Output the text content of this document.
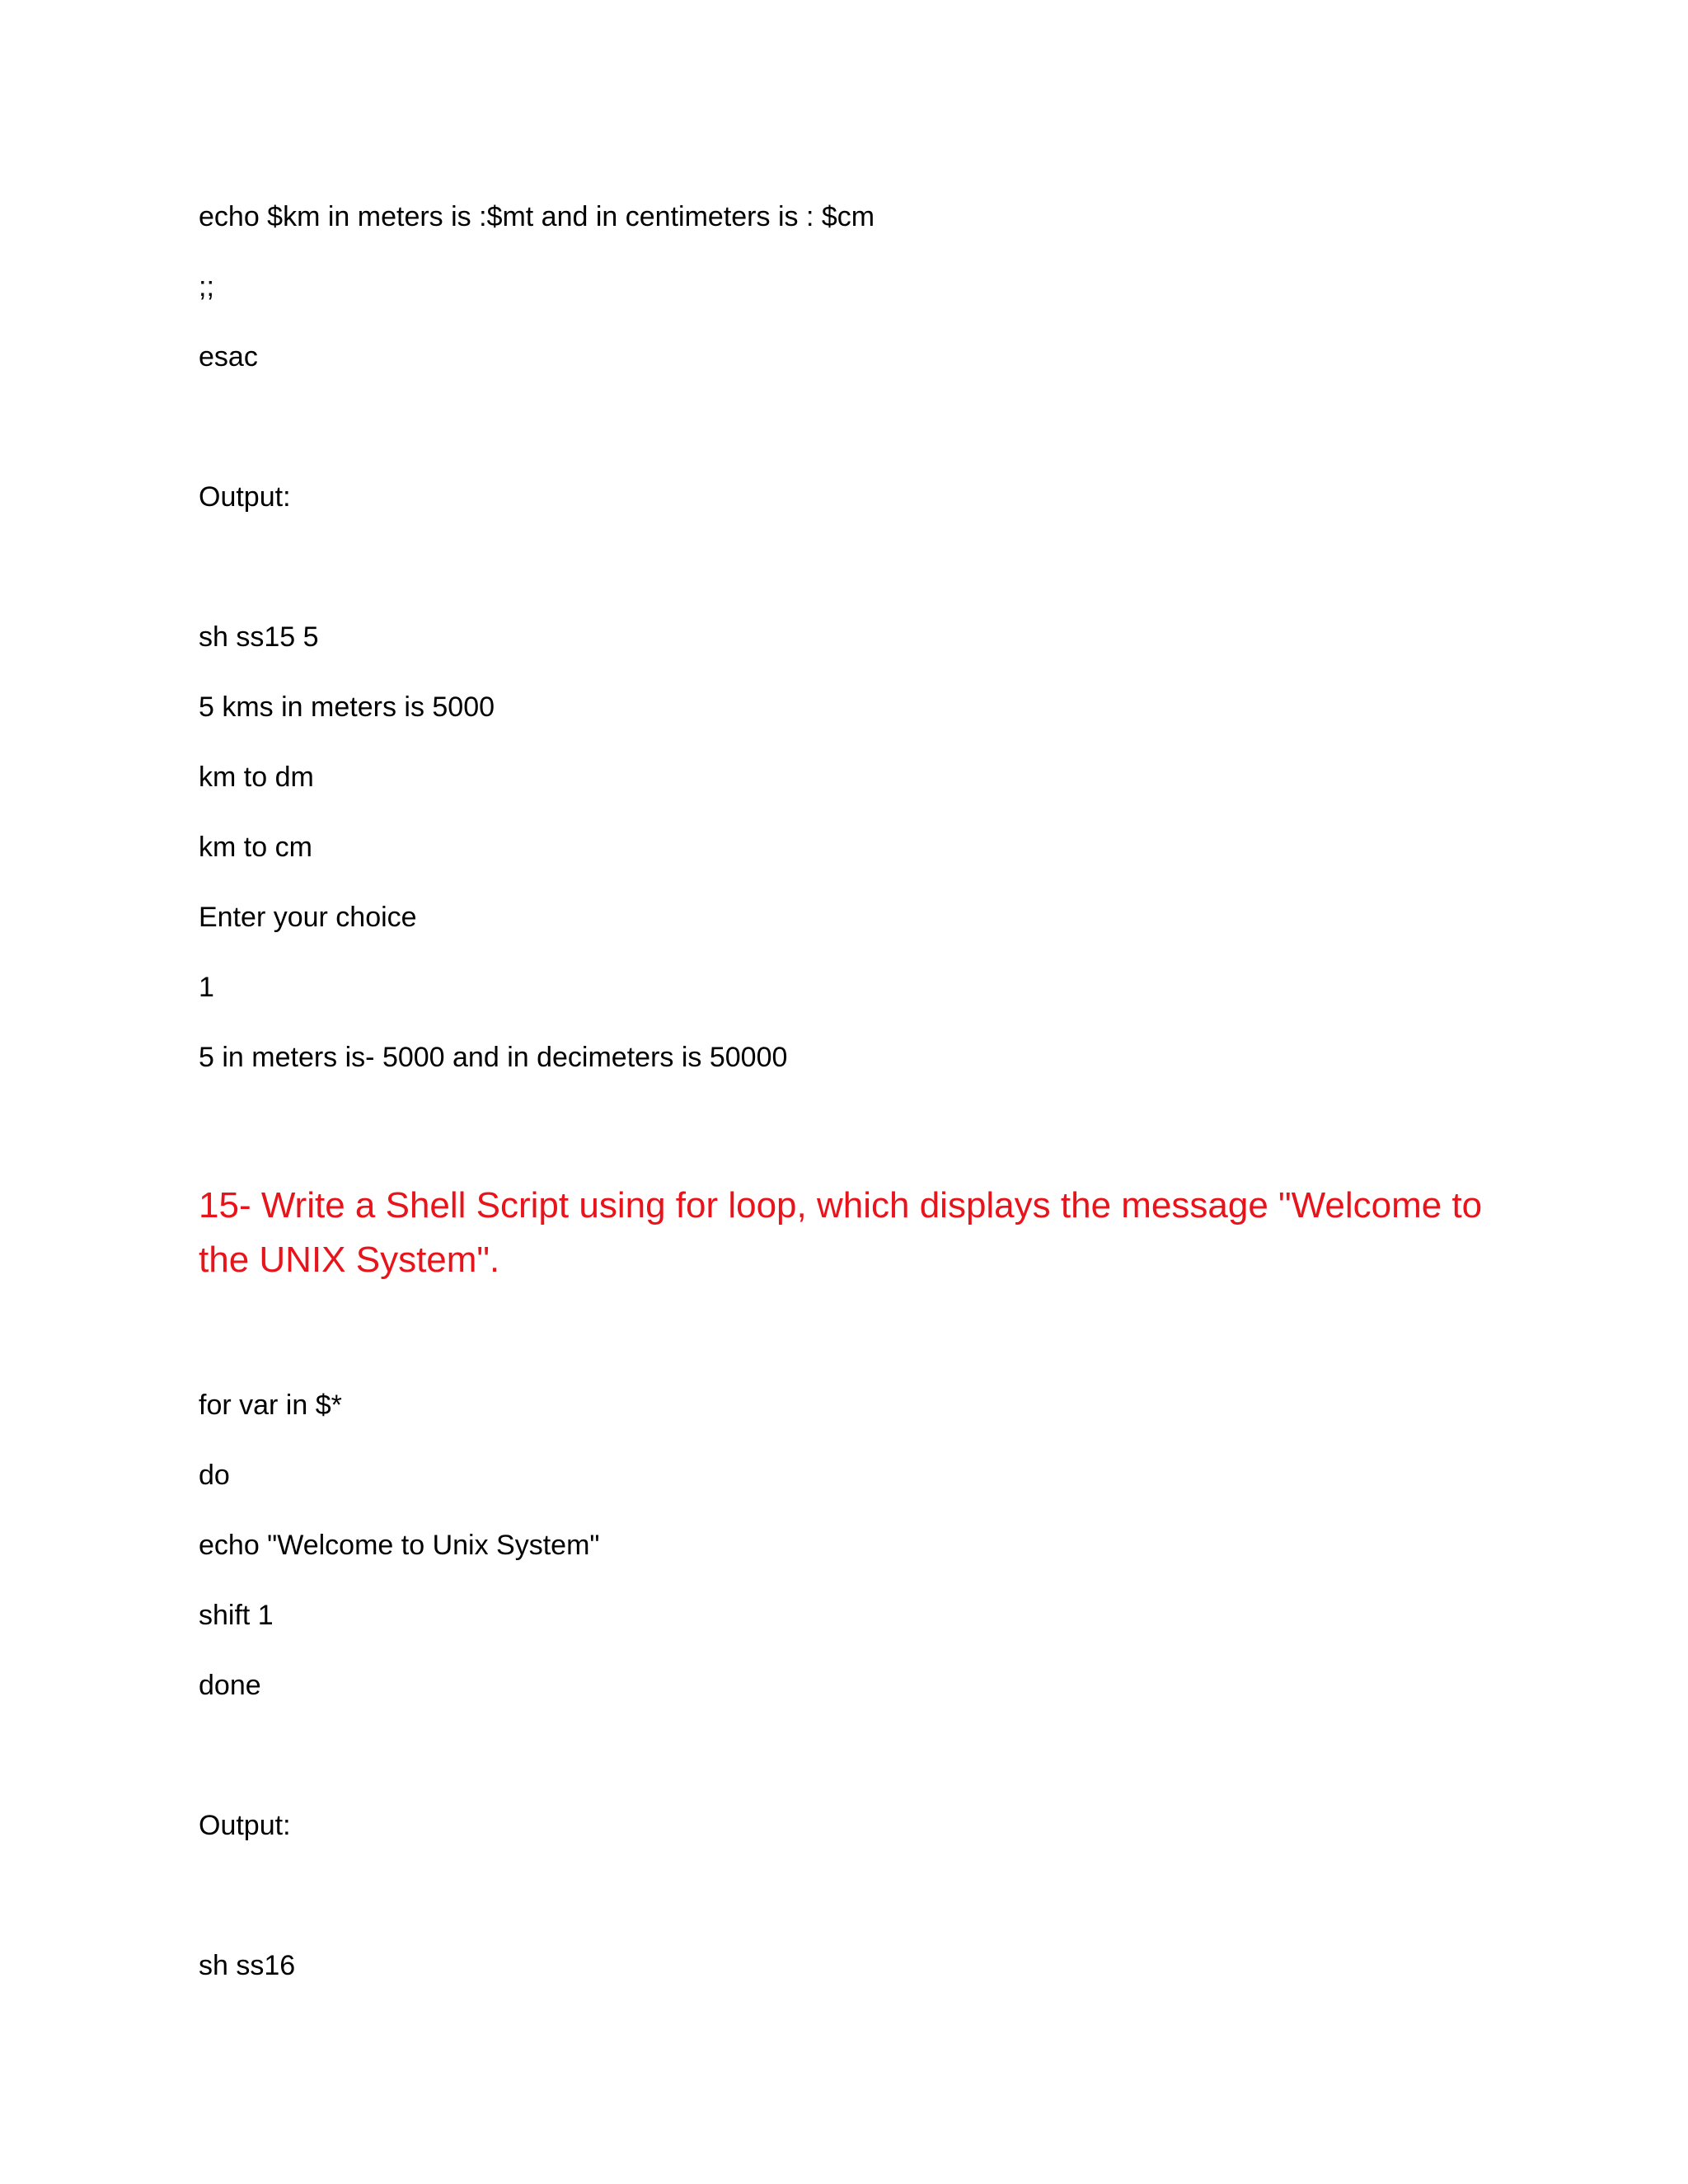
echo $km in meters is :$mt and in centimeters is : $cm
;;
esac
Output:
sh ss15 5
5 kms in meters is 5000
km to dm
km to cm
Enter your choice
1
5 in meters is- 5000 and in decimeters is 50000
15- Write a Shell Script using for loop, which displays the message "Welcome to the UNIX System".
for var in $*
do
echo "Welcome to Unix System"
shift 1
done
Output:
sh ss16
